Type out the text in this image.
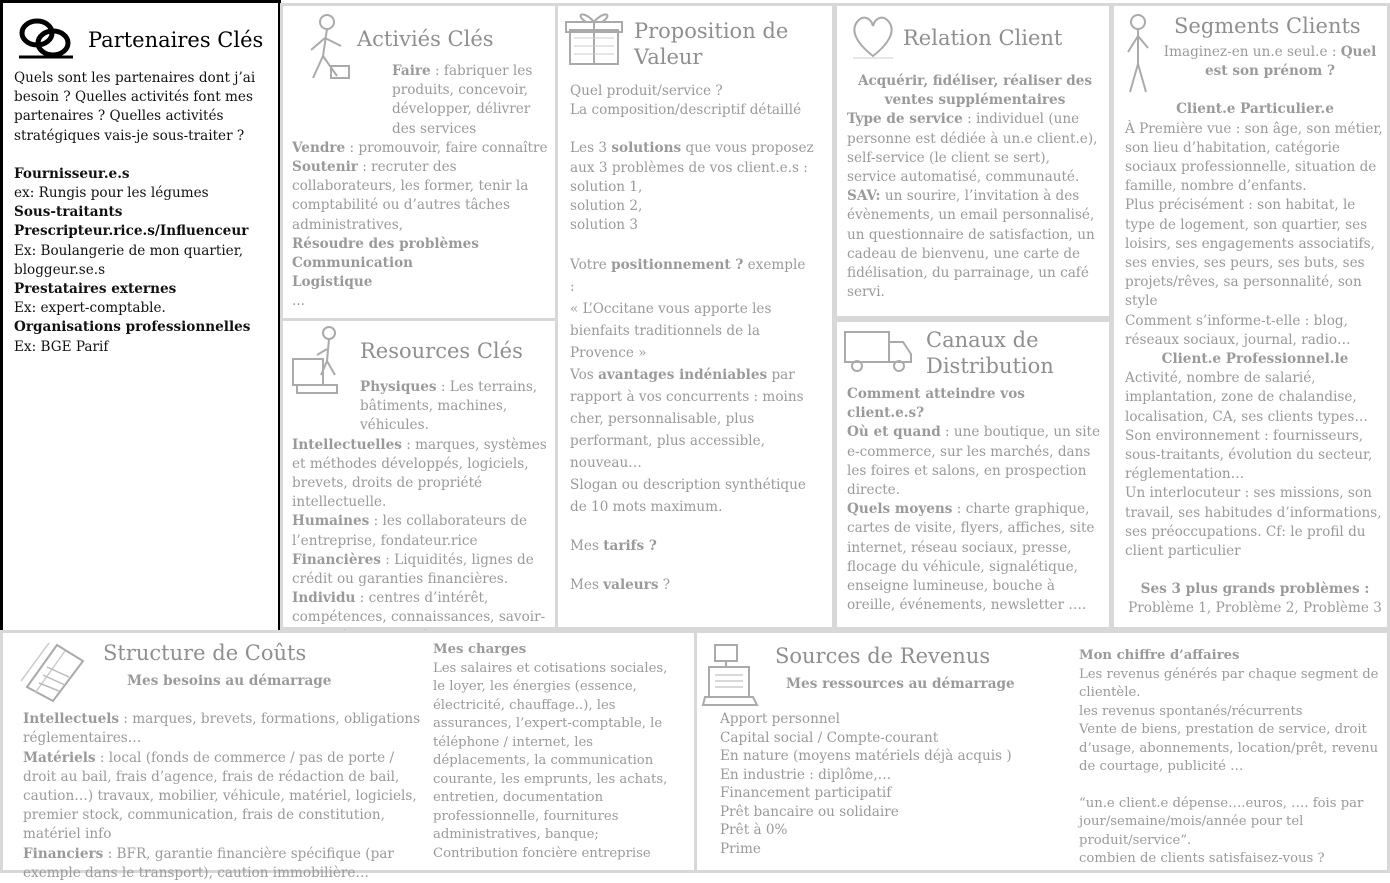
Partenaires Clés

Quels sont les partenaires dont j’ai besoin ? Quelles activités font mes partenaires ? Quelles activités stratégiques vais-je sous-traiter ?

Fournisseur.e.s

ex: Rungis pour les légumes

Sous-traitants

Prescripteur.rice.s/Influenceur

Ex: Boulangerie de mon quartier, bloggeur.se.s

Prestataires externes

Ex: expert-comptable.

Organisations professionnelles

Ex: BGE Parif

Activiés Clés

Faire : fabriquer les produits, concevoir, développer, délivrer des services

Vendre : promouvoir, faire connaître

Soutenir : recruter des collaborateurs, les former, tenir la comptabilité ou d’autres tâches administratives,

Résoudre des problèmes

Communication

Logistique

...

Resources Clés

Physiques : Les terrains, bâtiments, machines, véhicules.

Intellectuelles : marques, systèmes et méthodes développés, logiciels, brevets, droits de propriété intellectuelle.

Humaines : les collaborateurs de l’entreprise, fondateur.rice

Financières : Liquidités, lignes de crédit ou garanties financières.

Individu : centres d’intérêt, compétences, connaissances, savoir-

Proposition de
Valeur

Quel produit/service ?

La composition/descriptif détaillé

Les 3 solutions que vous proposez aux 3 problèmes de vos client.e.s : solution 1,

solution 2,

solution 3

Votre positionnement ? exemple :

« L’Occitane vous apporte les bienfaits traditionnels de la Provence »

Vos avantages indéniables par rapport à vos concurrents : moins cher, personnalisable, plus performant, plus accessible, nouveau…

Slogan ou description synthétique de 10 mots maximum.

Mes tarifs ?

Mes valeurs ?

Relation Client

Acquérir, fidéliser, réaliser des ventes supplémentaires

Type de service : individuel (une personne est dédiée à un.e client.e), self-service (le client se sert), service automatisé, communauté.

SAV: un sourire, l’invitation à des évènements, un email personnalisé, un questionnaire de satisfaction, un cadeau de bienvenu, une carte de fidélisation, du parrainage, un café servi.

Canaux de
Distribution

Comment atteindre vos client.e.s?

Où et quand : une boutique, un site e-commerce, sur les marchés, dans les foires et salons, en prospection directe.

Quels moyens : charte graphique, cartes de visite, flyers, affiches, site internet, réseau sociaux, presse, flocage du véhicule, signalétique, enseigne lumineuse, bouche à oreille, événements, newsletter ….

Segments Clients

Imaginez-en un.e seul.e : Quel est son prénom ?

Client.e Particulier.e

À Première vue : son âge, son métier, son lieu d’habitation, catégorie sociaux professionnelle, situation de famille, nombre d’enfants.

Plus précisément : son habitat, le type de logement, son quartier, ses loisirs, ses engagements associatifs, ses envies, ses peurs, ses buts, ses projets/rêves, sa personnalité, son style

Comment s’informe-t-elle : blog, réseaux sociaux, journal, radio…

Client.e Professionnel.le

Activité, nombre de salarié, implantation, zone de chalandise, localisation, CA, ses clients types…

Son environnement : fournisseurs, sous-traitants, évolution du secteur, réglementation…

Un interlocuteur : ses missions, son travail, ses habitudes d’informations, ses préoccupations. Cf: le profil du client particulier

Ses 3 plus grands problèmes :

Problème 1, Problème 2, Problème 3

Structure de Coûts

Mes besoins au démarrage

Intellectuels : marques, brevets, formations, obligations réglementaires…

Matériels : local (fonds de commerce / pas de porte / droit au bail, frais d’agence, frais de rédaction de bail, caution…) travaux, mobilier, véhicule, matériel, logiciels, premier stock, communication, frais de constitution, matériel info

Financiers : BFR, garantie financière spécifique (par exemple dans le transport), caution immobilière…

Mes charges

Les salaires et cotisations sociales, le loyer, les énergies (essence, électricité, chauffage..), les assurances, l’expert-comptable, le téléphone / internet, les déplacements, la communication courante, les emprunts, les achats, entretien, documentation professionnelle, fournitures administratives, banque; Contribution foncière entreprise

Sources de Revenus

Mes ressources au démarrage

Apport personnel

Capital social / Compte-courant

En nature (moyens matériels déjà acquis )

En industrie : diplôme,…

Financement participatif

Prêt bancaire ou solidaire

Prêt à 0%

Prime

Mon chiffre d’affaires

Les revenus générés par chaque segment de clientèle.

les revenus spontanés/récurrents

Vente de biens, prestation de service, droit d’usage, abonnements, location/prêt, revenu de courtage, publicité …

“un.e client.e dépense….euros, …. fois par jour/semaine/mois/année pour tel produit/service”.

combien de clients satisfaisez-vous ?
